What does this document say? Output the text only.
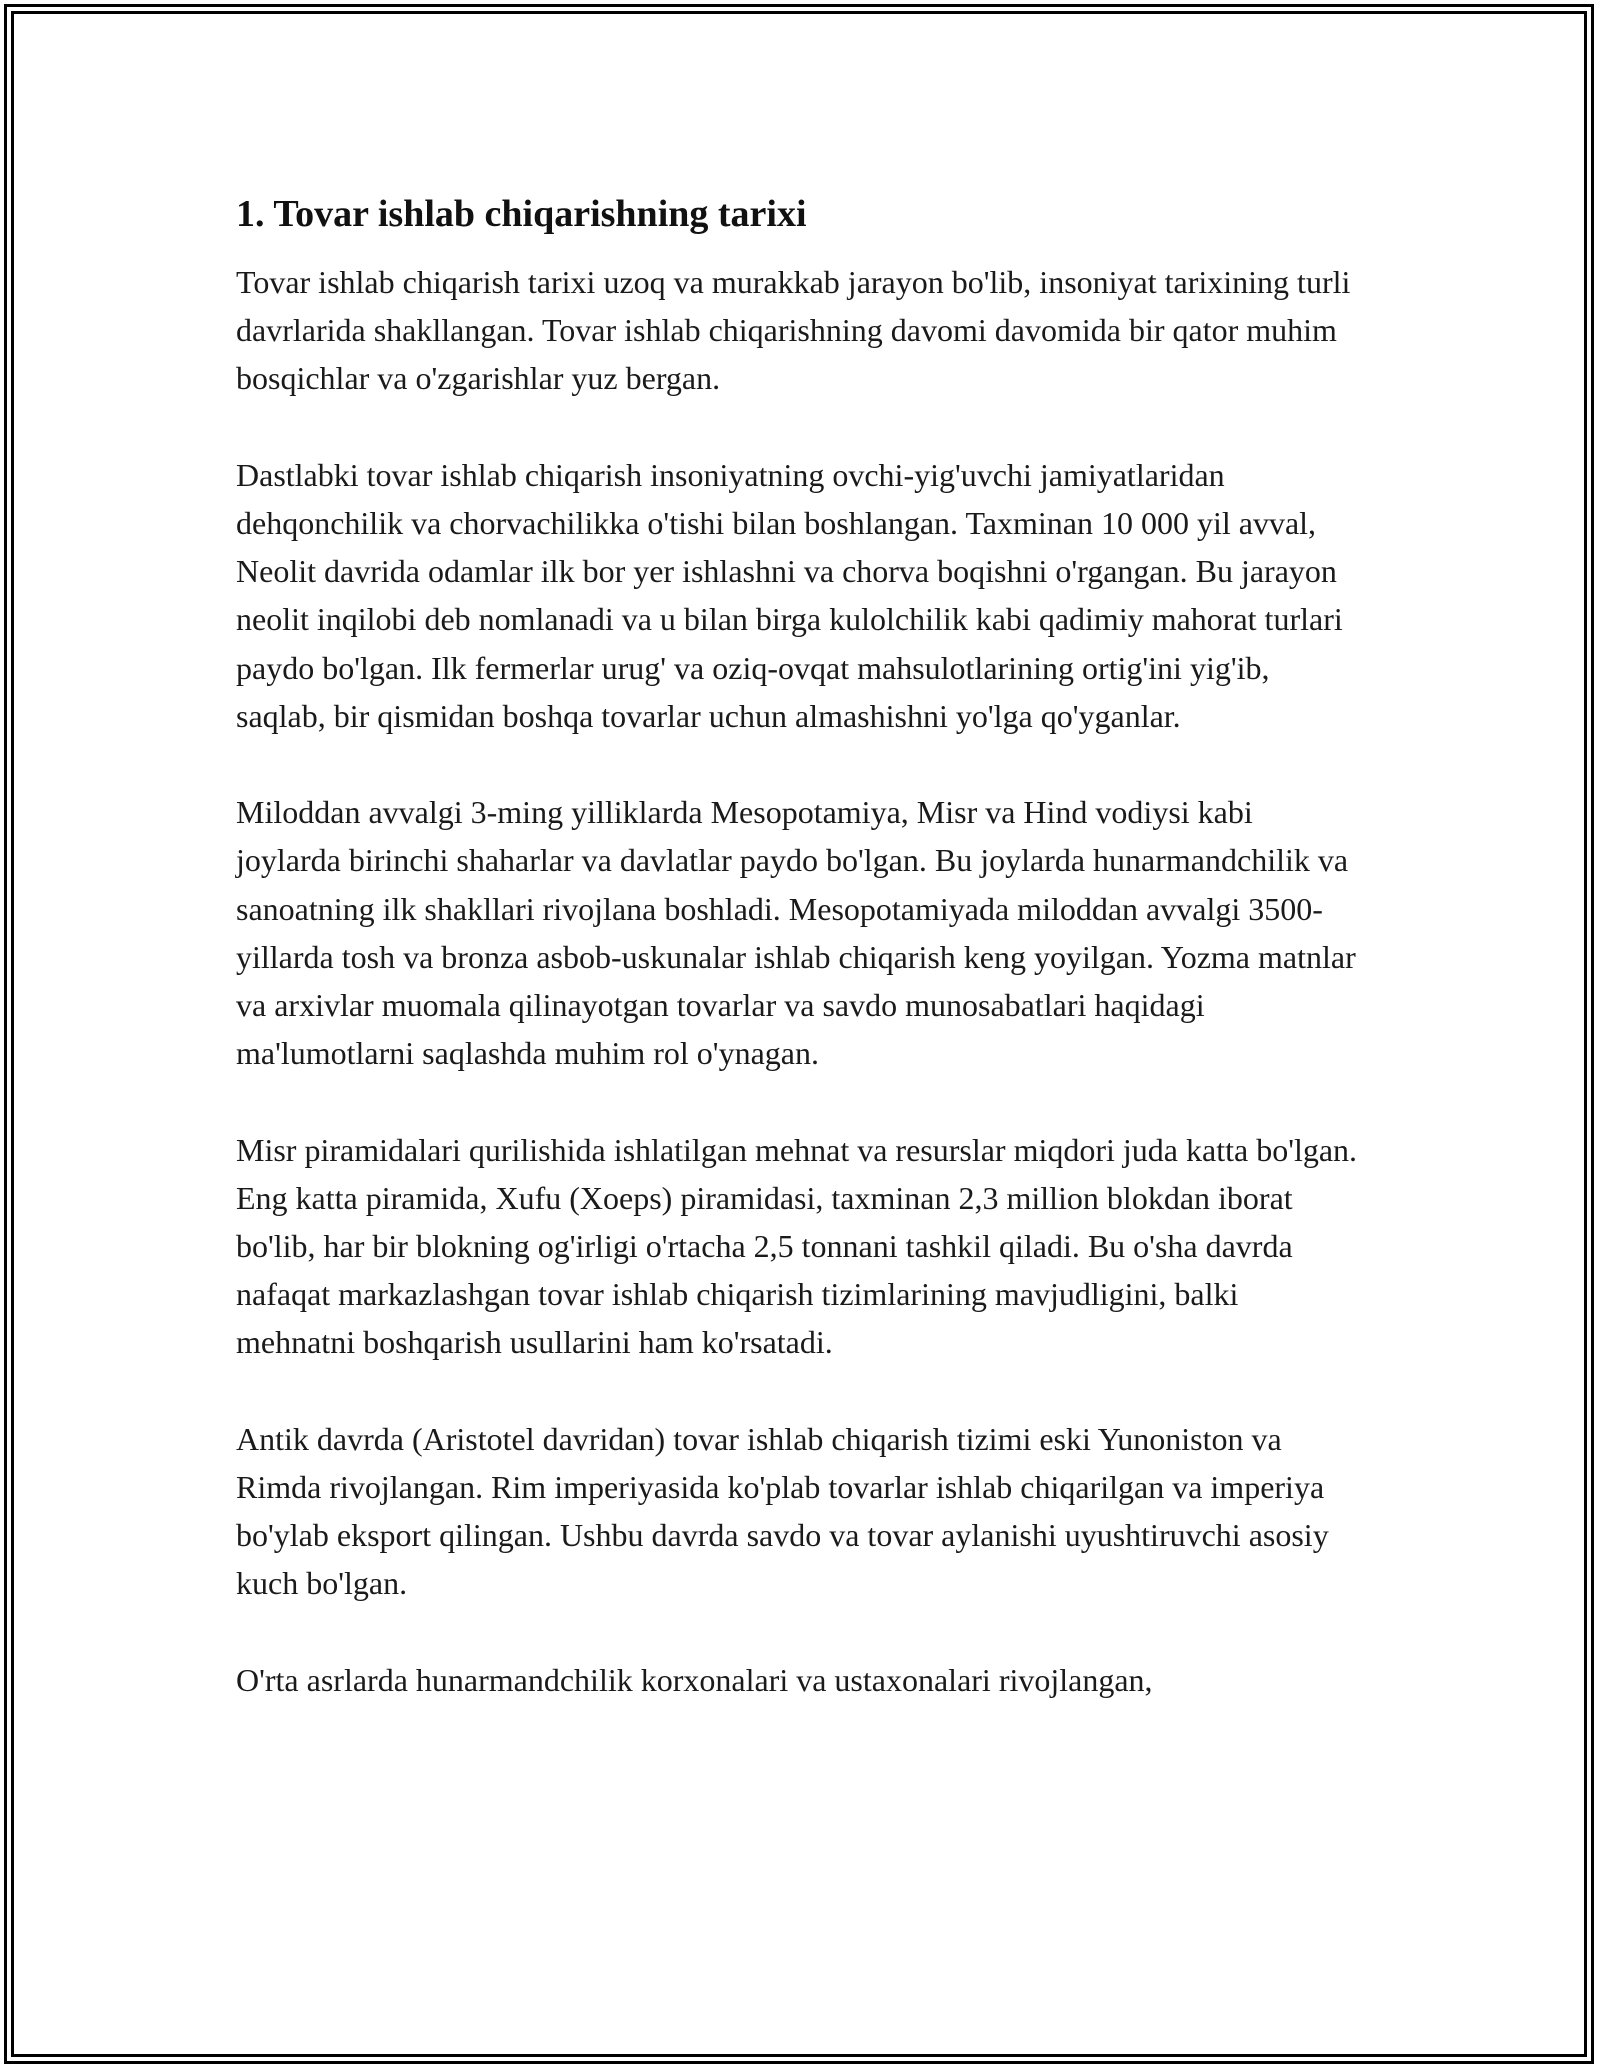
1. Tovar ishlab chiqarishning tarixi

Tovar ishlab chiqarish tarixi uzoq va murakkab jarayon bo'lib, insoniyat tarixining turli davrlarida shakllangan. Tovar ishlab chiqarishning davomi davomida bir qator muhim bosqichlar va o'zgarishlar yuz bergan.

Dastlabki tovar ishlab chiqarish insoniyatning ovchi-yig'uvchi jamiyatlaridan dehqonchilik va chorvachilikka o'tishi bilan boshlangan. Taxminan 10 000 yil avval, Neolit davrida odamlar ilk bor yer ishlashni va chorva boqishni o'rgangan. Bu jarayon neolit inqilobi deb nomlanadi va u bilan birga kulolchilik kabi qadimiy mahorat turlari paydo bo'lgan. Ilk fermerlar urug' va oziq-ovqat mahsulotlarining ortig'ini yig'ib, saqlab, bir qismidan boshqa tovarlar uchun almashishni yo'lga qo'yganlar.

Miloddan avvalgi 3-ming yilliklarda Mesopotamiya, Misr va Hind vodiysi kabi joylarda birinchi shaharlar va davlatlar paydo bo'lgan. Bu joylarda hunarmandchilik va sanoatning ilk shakllari rivojlana boshladi. Mesopotamiyada miloddan avvalgi 3500-yillarda tosh va bronza asbob-uskunalar ishlab chiqarish keng yoyilgan. Yozma matnlar va arxivlar muomala qilinayotgan tovarlar va savdo munosabatlari haqidagi ma'lumotlarni saqlashda muhim rol o'ynagan.

Misr piramidalari qurilishida ishlatilgan mehnat va resurslar miqdori juda katta bo'lgan. Eng katta piramida, Xufu (Xoeps) piramidasi, taxminan 2,3 million blokdan iborat bo'lib, har bir blokning og'irligi o'rtacha 2,5 tonnani tashkil qiladi. Bu o'sha davrda nafaqat markazlashgan tovar ishlab chiqarish tizimlarining mavjudligini, balki mehnatni boshqarish usullarini ham ko'rsatadi.

Antik davrda (Aristotel davridan) tovar ishlab chiqarish tizimi eski Yunoniston va Rimda rivojlangan. Rim imperiyasida ko'plab tovarlar ishlab chiqarilgan va imperiya bo'ylab eksport qilingan. Ushbu davrda savdo va tovar aylanishi uyushtiruvchi asosiy kuch bo'lgan.

O'rta asrlarda hunarmandchilik korxonalari va ustaxonalari rivojlangan,
